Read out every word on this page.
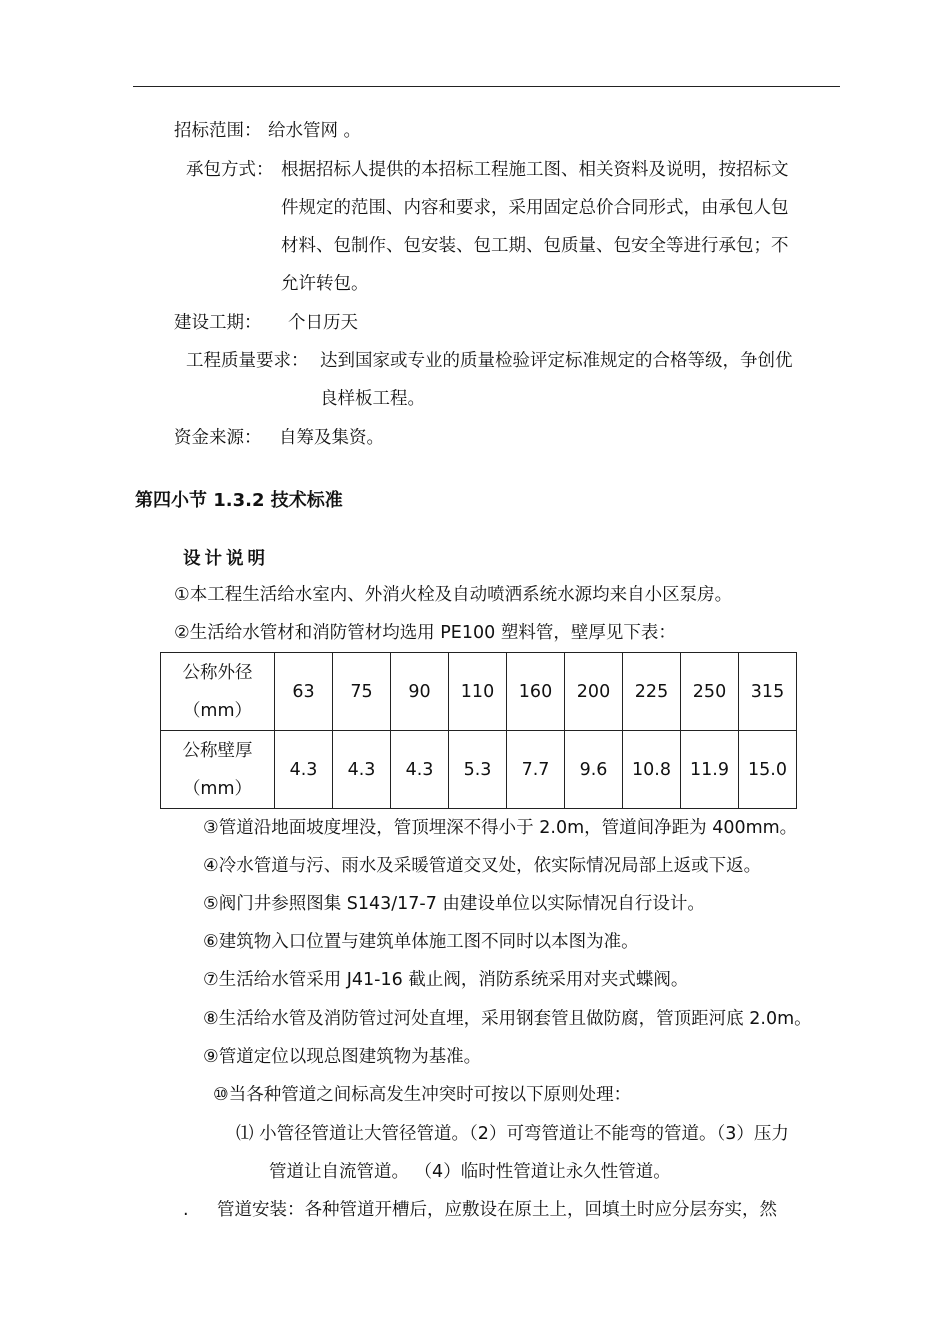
招标范围： 给水管网 。
承包方式： 根据招标人提供的本招标工程施工图、相关资料及说明，按招标文
件规定的范围、内容和要求，采用固定总价合同形式，由承包人包
材料、包制作、包安装、包工期、包质量、包安全等进行承包；不
允许转包。
建设工期： 个日历天
工程质量要求： 达到国家或专业的质量检验评定标准规定的合格等级，争创优
良样板工程。
资金来源： 自筹及集资。
第四小节 1.3.2 技术标准
设计说明
①本工程生活给水室内、外消火栓及自动喷洒系统水源均来自小区泵房。
②生活给水管材和消防管材均选用 PE100 塑料管，壁厚见下表：
公称外径
（mm）	63	75	90	110	160	200	225	250	315

公称壁厚
（mm）	4.3	4.3	4.3	5.3	7.7	9.6	10.8	11.9	15.0
③管道沿地面坡度埋没，管顶埋深不得小于 2.0m，管道间净距为 400mm。
④冷水管道与污、雨水及采暖管道交叉处，依实际情况局部上返或下返。
⑤阀门井参照图集 S143/17-7 由建设单位以实际情况自行设计。
⑥建筑物入口位置与建筑单体施工图不同时以本图为准。
⑦生活给水管采用 J41-16 截止阀，消防系统采用对夹式蝶阀。
⑧生活给水管及消防管过河处直埋，采用钢套管且做防腐，管顶距河底 2.0m。
⑨管道定位以现总图建筑物为基准。
⑩当各种管道之间标高发生冲突时可按以下原则处理：
⑴ 小管径管道让大管径管道。（2）可弯管道让不能弯的管道。（3）压力
管道让自流管道。 （4）临时性管道让永久性管道。
. 管道安装：各种管道开槽后，应敷设在原土上，回填土时应分层夯实，然
